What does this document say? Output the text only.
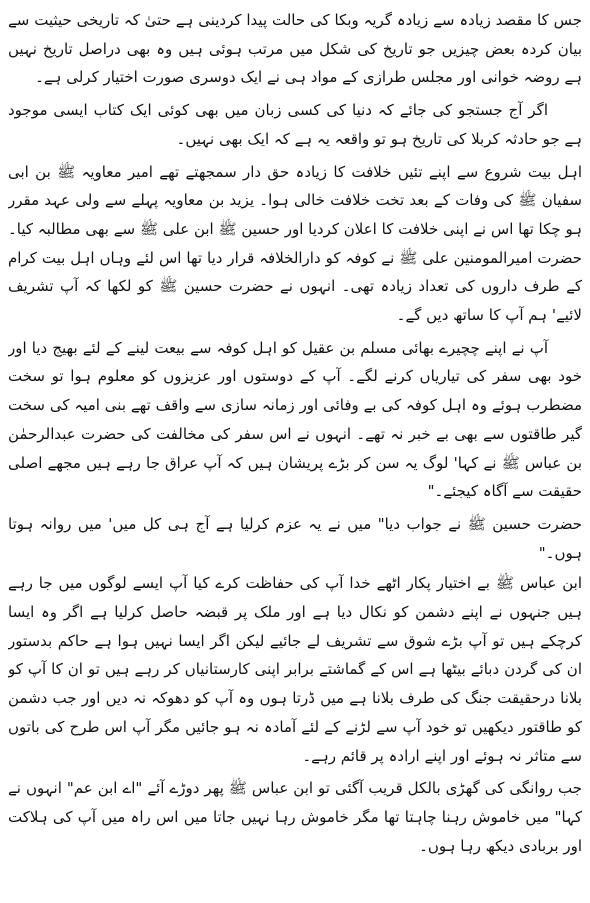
جس کا مقصد زیادہ سے زیادہ گریہ وبکا کی حالت پیدا کردینی ہے حتیٰ کہ تاریخی حیثیت سے بیان کردہ بعض چیزیں جو تاریخ کی شکل میں مرتب ہوئی ہیں وہ بھی دراصل تاریخ نہیں ہے روضہ خوانی اور مجلس طرازی کے مواد ہی نے ایک دوسری صورت اختیار کرلی ہے۔

اگر آج جستجو کی جائے کہ دنیا کی کسی زبان میں بھی کوئی ایک کتاب ایسی موجود ہے جو حادثہ کربلا کی تاریخ ہو تو واقعہ یہ ہے کہ ایک بھی نہیں۔

اہل بیت شروع سے اپنے تئیں خلافت کا زیادہ حق دار سمجھتے تھے امیر معاویہ ﷺ بن ابی سفیان ﷺ کی وفات کے بعد تخت خلافت خالی ہوا۔ یزید بن معاویہ پہلے سے ولی عہد مقرر ہو چکا تھا اس نے اپنی خلافت کا اعلان کردیا اور حسین ﷺ ابن علی ﷺ سے بھی مطالبہ کیا۔ حضرت امیرالمومنین علی ﷺ نے کوفہ کو دارالخلافہ قرار دیا تھا اس لئے وہاں اہل بیت کرام کے طرف داروں کی تعداد زیادہ تھی۔ انہوں نے حضرت حسین ﷺ کو لکھا کہ آپ تشریف لائیے' ہم آپ کا ساتھ دیں گے۔

آپ نے اپنے چچیرے بھائی مسلم بن عقیل کو اہل کوفہ سے بیعت لینے کے لئے بھیج دیا اور خود بھی سفر کی تیاریاں کرنے لگے۔ آپ کے دوستوں اور عزیزوں کو معلوم ہوا تو سخت مضطرب ہوئے وہ اہل کوفہ کی بے وفائی اور زمانہ سازی سے واقف تھے بنی امیہ کی سخت گیر طاقتوں سے بھی بے خبر نہ تھے۔ انہوں نے اس سفر کی مخالفت کی حضرت عبدالرحمٰن بن عباس ﷺ نے کہا' لوگ یہ سن کر بڑے پریشان ہیں کہ آپ عراق جا رہے ہیں مجھے اصلی حقیقت سے آگاہ کیجئے۔"

حضرت حسین ﷺ نے جواب دیا" میں نے یہ عزم کرلیا ہے آج ہی کل میں' میں روانہ ہوتا ہوں۔"

ابن عباس ﷺ بے اختیار پکار اٹھے خدا آپ کی حفاظت کرے کیا آپ ایسے لوگوں میں جا رہے ہیں جنہوں نے اپنے دشمن کو نکال دیا ہے اور ملک پر قبضہ حاصل کرلیا ہے اگر وہ ایسا کرچکے ہیں تو آپ بڑے شوق سے تشریف لے جائیے لیکن اگر ایسا نہیں ہوا ہے حاکم بدستور ان کی گردن دبائے بیٹھا ہے اس کے گماشتے برابر اپنی کارستانیاں کر رہے ہیں تو ان کا آپ کو بلانا درحقیقت جنگ کی طرف بلانا ہے میں ڈرتا ہوں وہ آپ کو دھوکہ نہ دیں اور جب دشمن کو طاقتور دیکھیں تو خود آپ سے لڑنے کے لئے آمادہ نہ ہو جائیں مگر آپ اس طرح کی باتوں سے متاثر نہ ہوئے اور اپنے ارادہ پر قائم رہے۔

جب روانگی کی گھڑی بالکل قریب آگئی تو ابن عباس ﷺ پھر دوڑے آئے "اے ابن عم" انہوں نے کہا" میں خاموش رہنا چاہتا تھا مگر خاموش رہا نہیں جاتا میں اس راہ میں آپ کی ہلاکت اور بربادی دیکھ رہا ہوں۔
